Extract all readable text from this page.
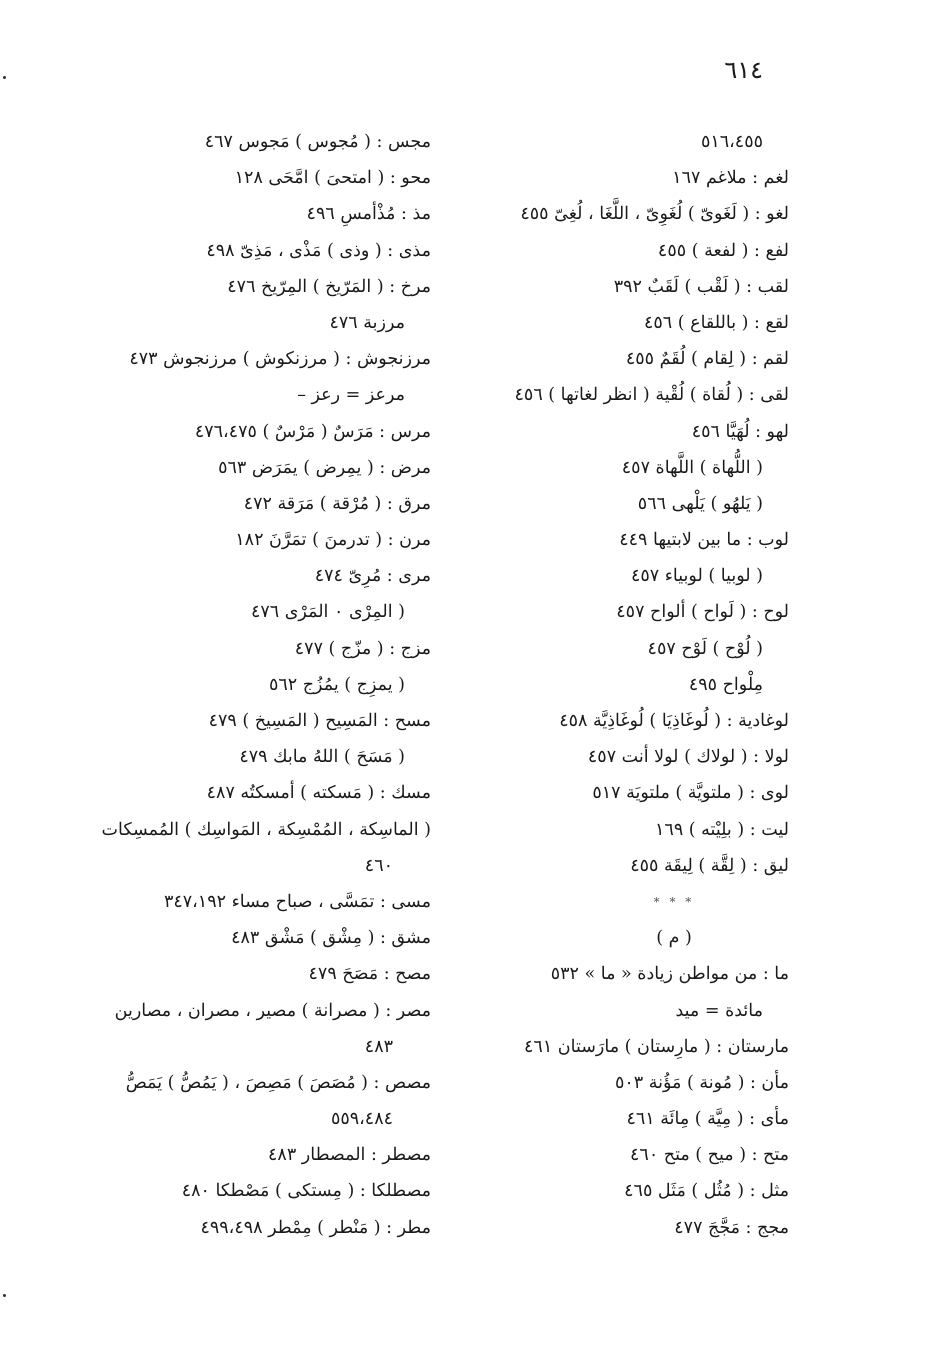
٦١٤
٥١٦،٤٥٥
لغم : ملاغم ١٦٧
لغو : ( لَغَوىّ ) لُغَوِىّ ، اللَّغَا ، لُغِىّ ٤٥٥
لفع : ( لفعة ) ٤٥٥
لقب : ( لَقْب ) لَقَبٌ ٣٩٢
لقع : ( باللقاع ) ٤٥٦
لقم : ( لِقام ) لُقَمٌ ٤٥٥
لقى : ( لُقاة ) لُقْية ( انظر لغاتها ) ٤٥٦
لهو : لُهَيَّا ٤٥٦
( اللُّهاة ) اللَّهاة ٤٥٧
( يَلهُو ) يَلْهى ٥٦٦
لوب : ما بين لابتيها ٤٤٩
( لوبيا ) لوبياء ٤٥٧
لوح : ( لَواح ) ألواح ٤٥٧
( لُوْح ) لَوْح ٤٥٧
مِلْواح ٤٩٥
لوغادية : ( لُوغَاذِيَا ) لُوغَاذِيَّة ٤٥٨
لولا : ( لولاك ) لولا أنت ٤٥٧
لوى : ( ملتويَّة ) ملتويَة ٥١٧
ليت : ( بلِيْته ) ١٦٩
ليق : ( لِقَّة ) لِيقَة ٤٥٥
* * *
( م )
ما : من مواطن زيادة « ما » ٥٣٢
مائدة = ميد
مارستان : ( مارِستان ) مارَستان ٤٦١
مأن : ( مُونة ) مَؤُنة ٥٠٣
مأى : ( مِيَّة ) مِائَة ٤٦١
متح : ( ميح ) متح ٤٦٠
مثل : ( مُثُل ) مَثَل ٤٦٥
مجج : مَجَّجَ ٤٧٧
مجس : ( مُجوس ) مَجوس ٤٦٧
محو : ( امتحىَ ) امَّحَى ١٢٨
مذ : مُذْأمسِ ٤٩٦
مذى : ( وذى ) مَذْى ، مَذِىّ ٤٩٨
مرخ : ( المَرّيخ ) المِرّيخ ٤٧٦
مرزبة ٤٧٦
مرزنجوش : ( مرزنكوش ) مرزنجوش ٤٧٣
مرعز = رعز –
مرس : مَرَسٌ ( مَرْسٌ ) ٤٧٦،٤٧٥
مرض : ( يمِرض ) يمَرَض ٥٦٣
مرق : ( مُرْقة ) مَرَقة ٤٧٢
مرن : ( تدرمنَ ) تمَرَّنَ ١٨٢
مرى : مُرِىّ ٤٧٤
( المِرْى ٠ المَرْى ٤٧٦
مزج : ( مزّج ) ٤٧٧
( يمزِج ) يمُزُج ٥٦٢
مسح : المَسِيح ( المَسِيخ ) ٤٧٩
( مَسَحَ ) اللهُ مابك ٤٧٩
مسك : ( مَسكته ) أمسكتُه ٤٨٧
( الماسِكة ، المُمْسِكة ، المَواسِك ) المُمسِكات
٤٦٠
مسى : تمَسَّى ، صباح مساء ٣٤٧،١٩٢
مشق : ( مِشْق ) مَشْق ٤٨٣
مصح : مَصَحَ ٤٧٩
مصر : ( مصرانة ) مصير ، مصران ، مصارين
٤٨٣
مصص : ( مُصَصَ ) مَصِصَ ، ( يَمُصُّ ) يَمَصُّ
٥٥٩،٤٨٤
مصطر : المصطار ٤٨٣
مصطلكا : ( مِستكى ) مَصْطكا ٤٨٠
مطر : ( مَنْطر ) مِمْطر ٤٩٩،٤٩٨
